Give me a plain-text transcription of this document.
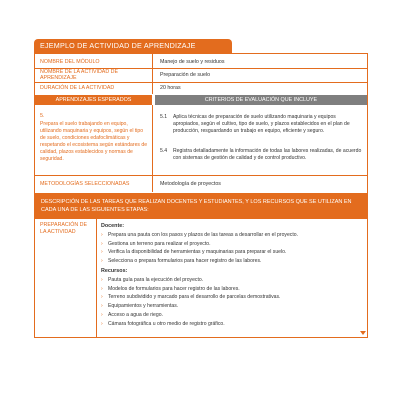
EJEMPLO DE ACTIVIDAD DE APRENDIZAJE
NOMBRE DEL MÓDULO	Manejo de suelo y residuos
NOMBRE DE LA ACTIVIDAD DE APRENDIZAJE	Preparación de suelo
DURACIÓN DE LA ACTIVIDAD	20 horas
APRENDIZAJES ESPERADOS	CRITERIOS DE EVALUACIÓN QUE INCLUYE
5.
Prepara el suelo trabajando en equipo, utilizando maquinaria y equipos, según el tipo de suelo, condiciones edafoclimáticas y respetando el ecosistema según estándares de calidad, plazos establecidos y normas de seguridad.
5.1	Aplica técnicas de preparación de suelo utilizando maquinaria y equipos apropiados, según el cultivo, tipo de suelo, y plazos establecidos en el plan de producción, resguardando un trabajo en equipo, eficiente y seguro.
5.4	Registra detalladamente la información de todas las labores realizadas, de acuerdo con sistemas de gestión de calidad y de control productivo.
METODOLOGÍAS SELECCIONADAS	Metodología de proyectos
DESCRIPCIÓN DE LAS TAREAS QUE REALIZAN DOCENTES Y ESTUDIANTES, Y LOS RECURSOS QUE SE UTILIZAN EN CADA UNA DE LAS SIGUIENTES ETAPAS:
PREPARACIÓN DE LA ACTIVIDAD
Docente:
› Prepara una pauta con los pasos y plazos de las tareas a desarrollar en el proyecto.
› Gestiona un terreno para realizar el proyecto.
› Verifica la disponibilidad de herramientas y maquinarias para preparar el suelo.
› Selecciona o prepara formularios para hacer registro de las labores.
Recursos:
› Pauta guía para la ejecución del proyecto.
› Modelos de formularios para hacer registro de las labores.
› Terreno subdividido y marcado para el desarrollo de parcelas demostrativas.
› Equipamientos y herramientas.
› Acceso a agua de riego.
› Cámara fotográfica u otro medio de registro gráfico.
